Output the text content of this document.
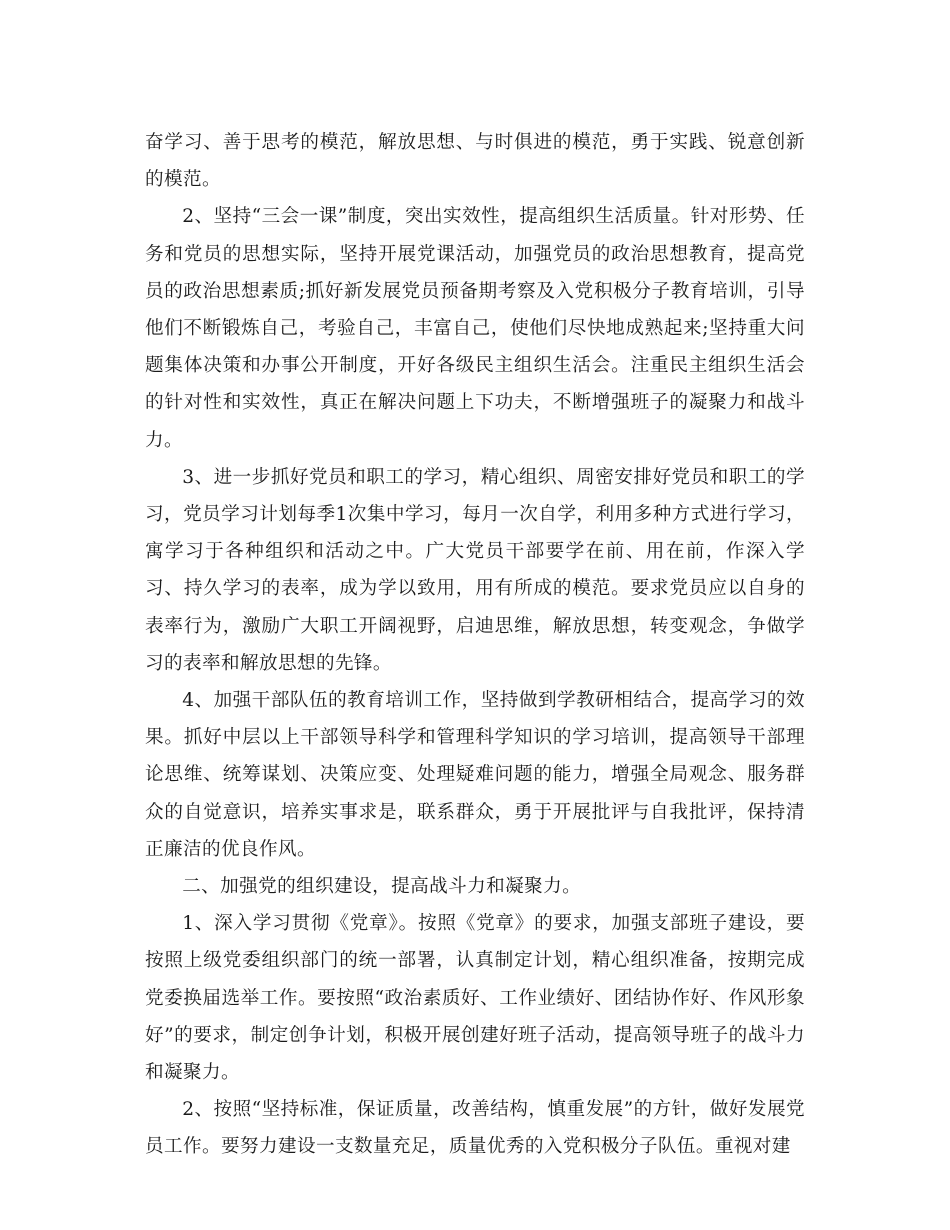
奋学习、善于思考的模范，解放思想、与时俱进的模范，勇于实践、锐意创新的模范。

2、坚持“三会一课”制度，突出实效性，提高组织生活质量。针对形势、任务和党员的思想实际，坚持开展党课活动，加强党员的政治思想教育，提高党员的政治思想素质;抓好新发展党员预备期考察及入党积极分子教育培训，引导他们不断锻炼自己，考验自己，丰富自己，使他们尽快地成熟起来;坚持重大问题集体决策和办事公开制度，开好各级民主组织生活会。注重民主组织生活会的针对性和实效性，真正在解决问题上下功夫，不断增强班子的凝聚力和战斗力。

3、进一步抓好党员和职工的学习，精心组织、周密安排好党员和职工的学习，党员学习计划每季1次集中学习，每月一次自学，利用多种方式进行学习，寓学习于各种组织和活动之中。广大党员干部要学在前、用在前，作深入学习、持久学习的表率，成为学以致用，用有所成的模范。要求党员应以自身的表率行为，激励广大职工开阔视野，启迪思维，解放思想，转变观念，争做学习的表率和解放思想的先锋。

4、加强干部队伍的教育培训工作，坚持做到学教研相结合，提高学习的效果。抓好中层以上干部领导科学和管理科学知识的学习培训，提高领导干部理论思维、统筹谋划、决策应变、处理疑难问题的能力，增强全局观念、服务群众的自觉意识，培养实事求是，联系群众，勇于开展批评与自我批评，保持清正廉洁的优良作风。

二、加强党的组织建设，提高战斗力和凝聚力。

1、深入学习贯彻《党章》。按照《党章》的要求，加强支部班子建设，要按照上级党委组织部门的统一部署，认真制定计划，精心组织准备，按期完成党委换届选举工作。要按照“政治素质好、工作业绩好、团结协作好、作风形象好”的要求，制定创争计划，积极开展创建好班子活动，提高领导班子的战斗力和凝聚力。

2、按照“坚持标准，保证质量，改善结构，慎重发展”的方针，做好发展党员工作。要努力建设一支数量充足，质量优秀的入党积极分子队伍。重视对建
